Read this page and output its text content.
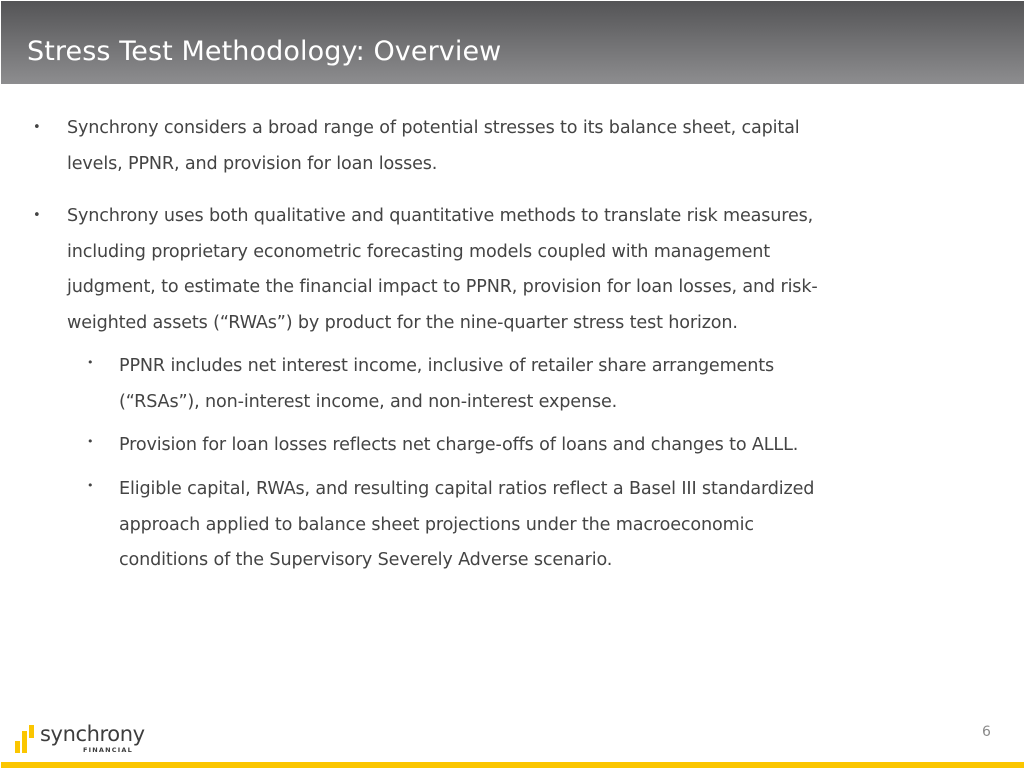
Stress Test Methodology: Overview
• Synchrony considers a broad range of potential stresses to its balance sheet, capital
levels, PPNR, and provision for loan losses.
• Synchrony uses both qualitative and quantitative methods to translate risk measures,
including proprietary econometric forecasting models coupled with management
judgment, to estimate the financial impact to PPNR, provision for loan losses, and risk-
weighted assets (“RWAs”) by product for the nine-quarter stress test horizon.
• PPNR includes net interest income, inclusive of retailer share arrangements
(“RSAs”), non-interest income, and non-interest expense.
• Provision for loan losses reflects net charge-offs of loans and changes to ALLL.
• Eligible capital, RWAs, and resulting capital ratios reflect a Basel III standardized
approach applied to balance sheet projections under the macroeconomic
conditions of the Supervisory Severely Adverse scenario.
synchrony
FINANCIAL
6
